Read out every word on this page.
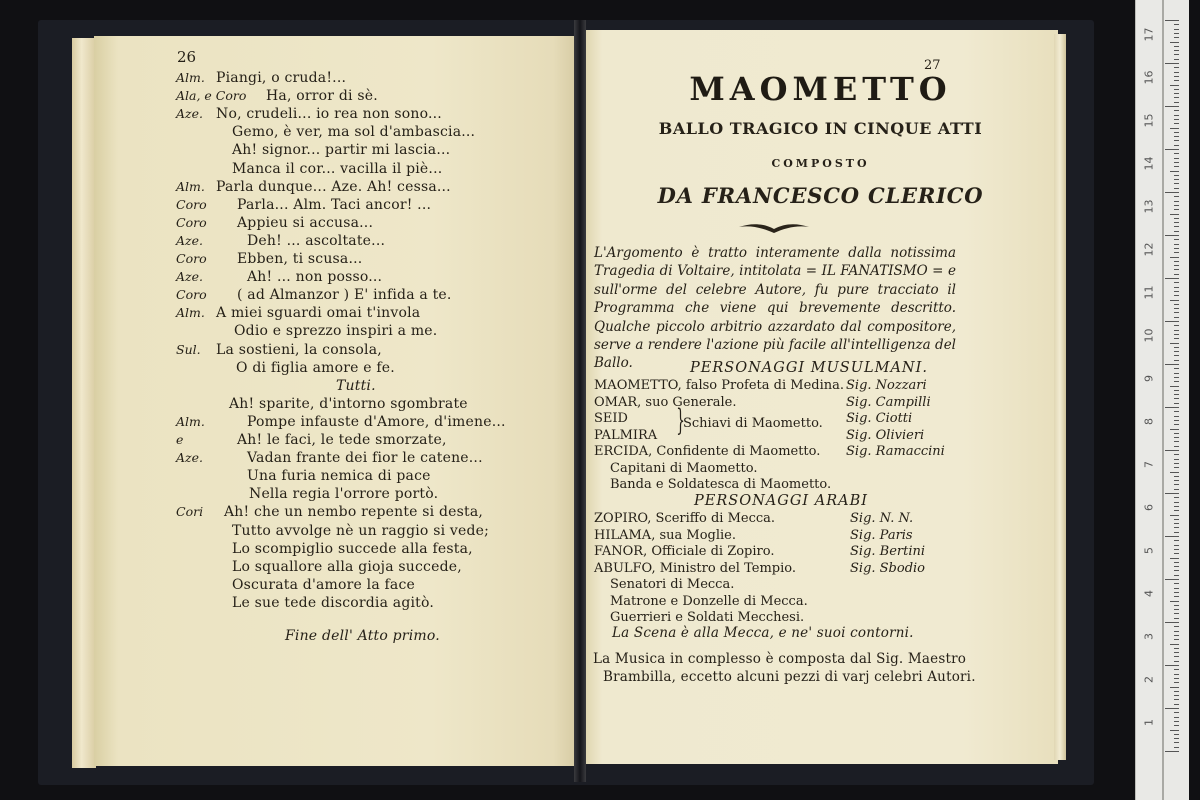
26
Alm. Piangi, o cruda!...
Ala, e Coro Ha, orror di sè.
Aze. No, crudeli... io rea non sono...
Gemo, è ver, ma sol d'ambascia...
Ah! signor... partir mi lascia...
Manca il cor... vacilla il piè...
Alm. Parla dunque... Aze. Ah! cessa...
Coro Parla... Alm. Taci ancor! ...
Coro Appieu si accusa...
Aze.	Deh! ... ascoltate...
Coro Ebben, ti scusa...
Aze.	Ah! ... non posso...
Coro ( ad Almanzor ) E' infida a te.
Alm. A miei sguardi omai t'invola
Odio e sprezzo inspiri a me.
Sul. La sostieni, la consola,
O di figlia amore e fe.
Tutti.
Ah! sparite, d'intorno sgombrate
Alm.	Pompe infauste d'Amore, d'imene...
e	Ah! le faci, le tede smorzate,
Aze.	Vadan frante dei fior le catene...
Una furia nemica di pace
Nella regia l'orrore portò.
Cori Ah! che un nembo repente si desta,
Tutto avvolge nè un raggio si vede;
Lo scompiglio succede alla festa,
Lo squallore alla gioja succede,
Oscurata d'amore la face
Le sue tede discordia agitò.
Fine dell' Atto primo.
27
MAOMETTO
BALLO TRAGICO IN CINQUE ATTI
COMPOSTO
DA FRANCESCO CLERICO
L'Argomento è tratto interamente dalla notissima Tragedia di Voltaire, intitolata = IL FANATISMO = e sull'orme del celebre Autore, fu pure tracciato il Programma che viene qui brevemente descritto. Qualche piccolo arbitrio azzardato dal compositore, serve a rendere l'azione più facile all'intelligenza del Ballo.	PERSONAGGI MUSULMANI.
MAOMETTO, falso Profeta di Medina. Sig. Nozzari
OMAR, suo Generale.	Sig. Campilli
SEID	Sig. Ciotti
PALMIRA	Sig. Olivieri
ERCIDA, Confidente di Maometto. Sig. Ramaccini
Capitani di Maometto.
Banda e Soldatesca di Maometto.
}
Schiavi di Maometto.
PERSONAGGI ARABI
ZOPIRO, Sceriffo di Mecca.	Sig. N. N.
HILAMA, sua Moglie.	Sig. Paris
FANOR, Officiale di Zopiro.	Sig. Bertini
ABULFO, Ministro del Tempio.	Sig. Sbodio
Senatori di Mecca.
Matrone e Donzelle di Mecca.
Guerrieri e Soldati Mecchesi.
La Scena è alla Mecca, e ne' suoi contorni.
La Musica in complesso è composta dal Sig. Maestro
Brambilla, eccetto alcuni pezzi di varj celebri Autori.
17
16
15
14
13
12
11
10
9
8
7
6
5
4
3
2
1
